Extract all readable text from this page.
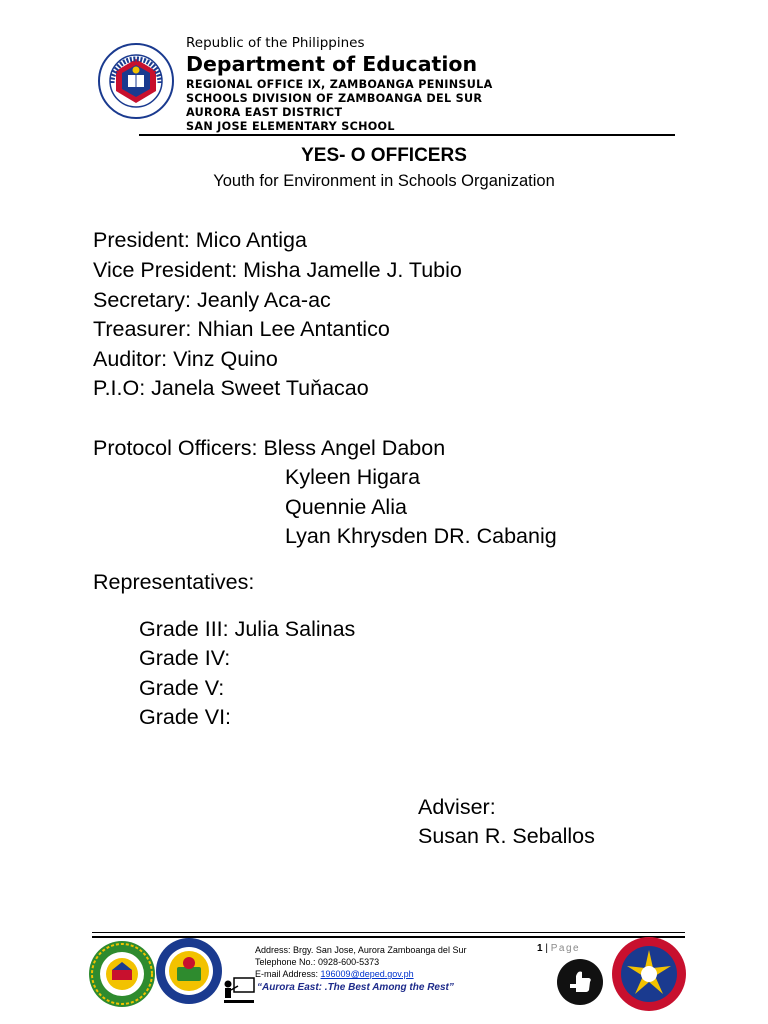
Republic of the Philippines
Department of Education
REGIONAL OFFICE IX, ZAMBOANGA PENINSULA
SCHOOLS DIVISION OF ZAMBOANGA DEL SUR
AURORA EAST DISTRICT
SAN JOSE ELEMENTARY SCHOOL
YES- O OFFICERS
Youth for Environment in Schools Organization
President: Mico Antiga
Vice President: Misha Jamelle J. Tubio
Secretary: Jeanly Aca-ac
Treasurer: Nhian Lee Antantico
Auditor: Vinz Quino
P.I.O: Janela Sweet Tuňacao
Protocol Officers: Bless Angel Dabon
Kyleen Higara
Quennie Alia
Lyan Khrysden DR. Cabanig
Representatives:
Grade III: Julia Salinas
Grade IV:
Grade V:
Grade VI:
Adviser:
Susan R. Seballos
Address: Brgy. San Jose, Aurora Zamboanga del Sur
Telephone No.: 0928-600-5373
E-mail Address: 196009@deped.gov.ph
“Aurora East: .The Best Among the Rest”
1 | Page
